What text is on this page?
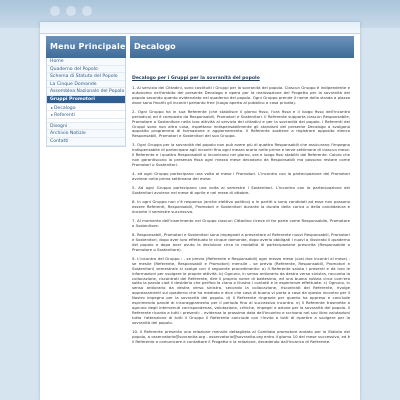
Menu Principale
Home
Quaderno del Popolo
Schema di Statuto del Popolo
La Cinque Domande
Assemblea Nazionale del Popolo
Gruppi Promotori
▸ Decalogo
▸ Referenti
Disegni
Archivio Notizie
Contatti
Decalogo
Decalogo per i Gruppi per la sovranità del popolo

1. Al servizio dei Cittadini, sono costituiti i Gruppi per la sovranità del popolo. Ciascun Gruppo è indipendente e autonomo nell'ambito del presente Decalogo e opera per la realizzazione del Progetto per la sovranità del popolo secondo quanto evidenziato nel quaderno del popolo. Ogni Gruppo prende il nome della strada o piazza dove sono finoriti gli incontri pertanto free (luogo aperto al pubblico o casa privata).

2. Ogni Gruppo ha in sua Referente (che stabilisce il giorno fisso, l'ora fissa e il luogo fisso dell'incontro periodico) ed è composto da Responsabili, Promotori e Sostenitori. Il Referente supporta ciascun Responsabile, Promotore o Sostenitore nella loro attività al servizio dei cittadini e per la sovranità del popolo. I Referenti dei Gruppi sono non altra cosa, rispettano indispensabilmente gli standard del presente Decalogo a svolgono apposito programma di formazione e aggiornamento. Il Referente sostiene a registrare apposito elenco Responsabili, Promotori e Sostenitori del suo Gruppo.

3. Ogni Gruppo per la sovranità del popolo non può avere più di quattro Responsabili che assicurano l'impegno indispensabile di partecipare agli incontri fino ogni mezzo orario nelle prime e terze settimane di ciascun mese. Il Referente e i quattro Responsabili si incontrano nel giorno, ora e luogo fissi stabiliti dal Referente. Coloro che non garantiscono la presenza fissa ogni mezzo mese decadono da Responsabili ma possono restare come Promotori o Sostenitori.

4. ed ogni Gruppo partecipano una volta al mese i Promotori. L'incontro con la partecipazione dei Promotori avviene nella prima settimana del mese.

5. Ad ogni Gruppo partecipano una volta al semestre i Sostenitori. L'incontro con la partecipazione dei Sostenitori avviene nel mese di aprile e nel mese di ottobre.

6. In ogni Gruppo non c'è responso (anche elettivo politico) o in partiti o sono candidati ad esse non possono essere Referenti, Responsabili, Promotori e Sostenitori durante la durata della carica o della candidatura e durante il semestre successivo.

7. Al momento dell'inserimento nel Gruppo ciascun Cittadino riceve di far parte come Responsabile, Promotore o Sostenitore.

8. Responsabili, Promotori e Sostenitori sono impegnati a presentare al Referente nuovi Responsabili, Promotori e Sostenitori, dopo aver loro effettuato le cinque domande, dopo averlo obbligati i nuovi a illustrato il quaderno del popolo e dopo aver avuto la decisione circa la modalità di partecipazione prescelta (Responsabile o Promotore o Sostenitore).

9. L'incontro del Gruppo : - se previo (Referente e Responsabili) ogni mezzo mese (così due incontri al mese) - se mesile (Referente, Responsabili e Promotori) mensile - se previo (Referente, Responsabili, Promotori e Sostenitori) semestrale si svolge con il seguente procedimento: a) Il Referente saluta i presenti e dà loro le informazioni per svolgere le proprie attività. b) Ognuno, in senso antiorario da destra verso sinistra, racconta la collocazione, riscontrati del Referente, dire il proprio nome di battesimo, ed una buona notizia circa com'era sotto la parola cioè il desiderio che perfino la ciano o illustra i contatti e le esperienze effettuate. c) Ognuno, in senso antiorario da destra verso sinistra, secondo la collocazione, riscontrati del Referente, rivolge apprezzamenti sul quaderno che ha mediato e dice che cosa di buono vi porta a casa da questo incontro per il Nostro impegno per la sovranità del popolo. d) Il Referente ringrazia per quanto ha appreso e conclude esprimendo parole di incoraggiamento per il periodo fino al successivo incontro. e) Il Referente trasmette a ognuno degli intervenuti corrispondenza, valutazione, critiche, impegni e azione per la sovranità del popolo. Il Referente ricorda a tutti i presenti: - evidenza la prossima data dell'incontro e scrivono nel suo libro valutazioni tutta l'attenzione di tutti il Gruppo il Referente conclude con l'invito a tutti di ripartire a svolgere per la sovranità del popolo.

10. Il Referente presenta una relazione mensile dettagliata al Comitato promotore andato per lo Statuto del popolo, a osservatorio@sovranita.org - osservatorio@sovranita.org entro il giorno 10 del mese successivo, ed è il Referente a comunicare e contattare il Progetto e la relazione, decadendo dall'incarico di Referente.
